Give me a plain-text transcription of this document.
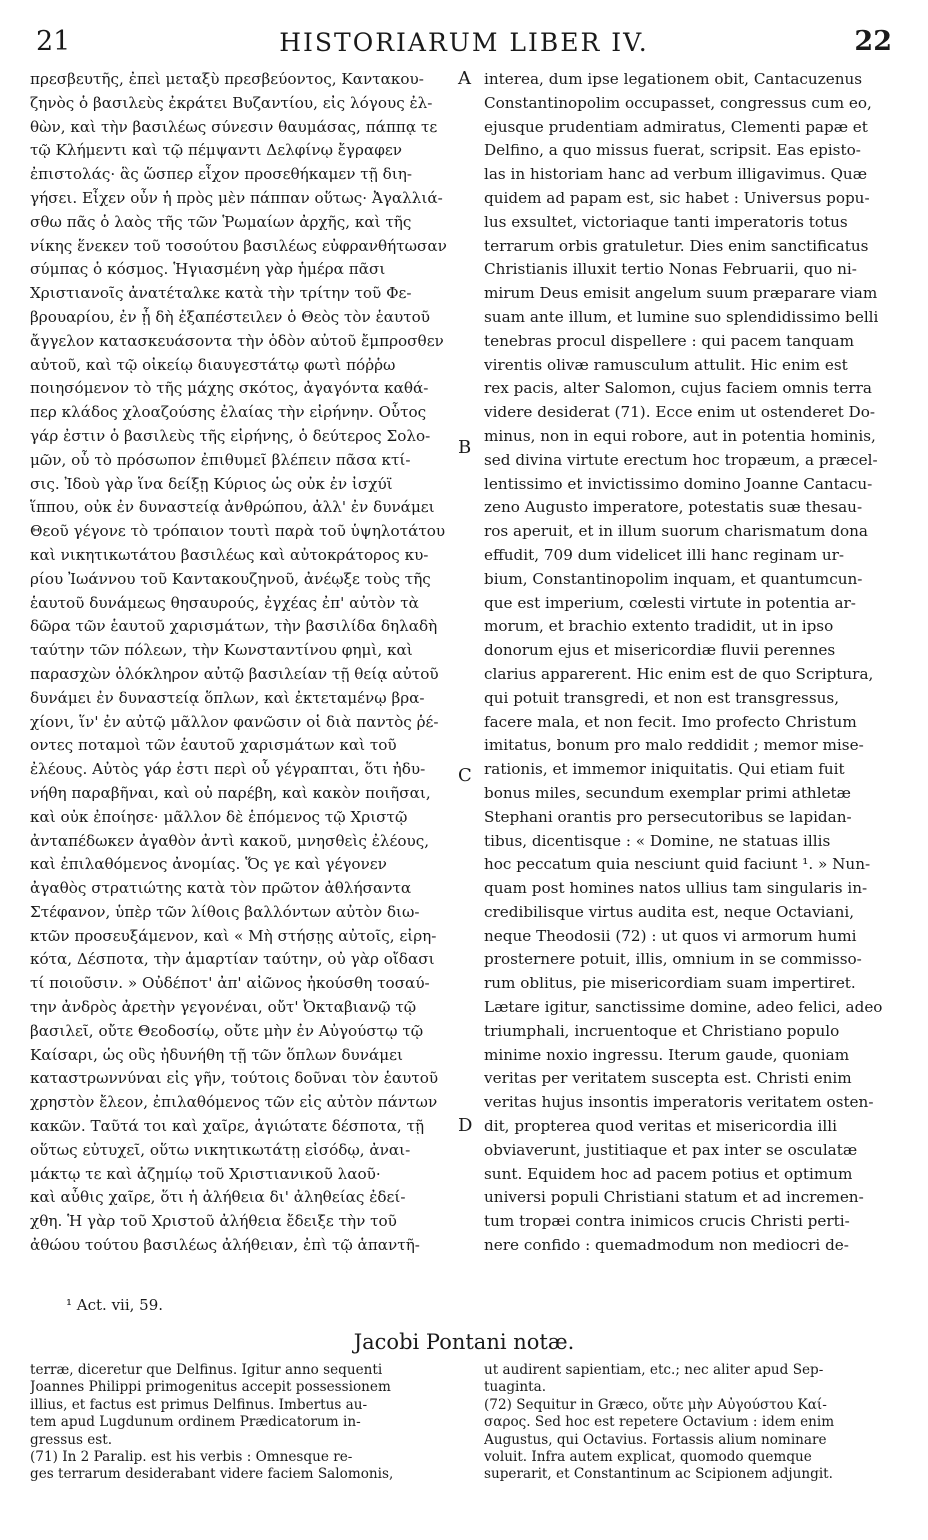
21	HISTORIARUM LIBER IV.	22
πρεσβευτῆς, ἐπεὶ μεταξὺ πρεσβεύοντος, Καντακου-
ζηνὸς ὁ βασιλεὺς ἐκράτει Βυζαντίου, εἰς λόγους ἐλ-
θὼν, καὶ τὴν βασιλέως σύνεσιν θαυμάσας, πάππᾳ τε
τῷ Κλήμεντι καὶ τῷ πέμψαντι Δελφίνῳ ἔγραφεν
ἐπιστολάς· ἃς ὥσπερ εἶχον προσεθήκαμεν τῇ διη-
γήσει. Εἶχεν οὖν ἡ πρὸς μὲν πάππαν οὕτως· Ἀγαλλιά-
σθω πᾶς ὁ λαὸς τῆς τῶν Ῥωμαίων ἀρχῆς, καὶ τῆς
νίκης ἕνεκεν τοῦ τοσούτου βασιλέως εὐφρανθήτωσαν
σύμπας ὁ κόσμος. Ἡγιασμένη γὰρ ἡμέρα πᾶσι
Χριστιανοῖς ἀνατέταλκε κατὰ τὴν τρίτην τοῦ Φε-
βρουαρίου, ἐν ᾗ δὴ ἐξαπέστειλεν ὁ Θεὸς τὸν ἑαυτοῦ
ἄγγελον κατασκευάσοντα τὴν ὁδὸν αὐτοῦ ἔμπροσθεν
αὐτοῦ, καὶ τῷ οἰκείῳ διαυγεστάτῳ φωτὶ πόῤῥω
ποιησόμενον τὸ τῆς μάχης σκότος, ἀγαγόντα καθά-
περ κλάδος χλοαζούσης ἐλαίας τὴν εἰρήνην. Οὗτος
γάρ ἐστιν ὁ βασιλεὺς τῆς εἰρήνης, ὁ δεύτερος Σολο-
μῶν, οὗ τὸ πρόσωπον ἐπιθυμεῖ βλέπειν πᾶσα κτί-
σις. Ἰδοὺ γὰρ ἵνα δείξῃ Κύριος ὡς οὐκ ἐν ἰσχύϊ
ἵππου, οὐκ ἐν δυναστείᾳ ἀνθρώπου, ἀλλ' ἐν δυνάμει
Θεοῦ γέγονε τὸ τρόπαιον τουτὶ παρὰ τοῦ ὑψηλοτάτου
καὶ νικητικωτάτου βασιλέως καὶ αὐτοκράτορος κυ-
ρίου Ἰωάννου τοῦ Καντακουζηνοῦ, ἀνέῳξε τοὺς τῆς
ἑαυτοῦ δυνάμεως θησαυρούς, ἐγχέας ἐπ' αὐτὸν τὰ
δῶρα τῶν ἑαυτοῦ χαρισμάτων, τὴν βασιλίδα δηλαδὴ
ταύτην τῶν πόλεων, τὴν Κωνσταντίνου φημὶ, καὶ
παρασχὼν ὁλόκληρον αὐτῷ βασιλείαν τῇ θείᾳ αὐτοῦ
δυνάμει ἐν δυναστείᾳ ὅπλων, καὶ ἐκτεταμένῳ βρα-
χίονι, ἵν' ἐν αὐτῷ μᾶλλον φανῶσιν οἱ διὰ παντὸς ῥέ-
οντες ποταμοὶ τῶν ἑαυτοῦ χαρισμάτων καὶ τοῦ
ἐλέους. Αὐτὸς γάρ ἐστι περὶ οὗ γέγραπται, ὅτι ἠδυ-
νήθη παραβῆναι, καὶ οὐ παρέβη, καὶ κακὸν ποιῆσαι,
καὶ οὐκ ἐποίησε· μᾶλλον δὲ ἑπόμενος τῷ Χριστῷ
ἀνταπέδωκεν ἀγαθὸν ἀντὶ κακοῦ, μνησθεὶς ἐλέους,
καὶ ἐπιλαθόμενος ἀνομίας. Ὅς γε καὶ γέγονεν
ἀγαθὸς στρατιώτης κατὰ τὸν πρῶτον ἀθλήσαντα
Στέφανον, ὑπὲρ τῶν λίθοις βαλλόντων αὐτὸν διω-
κτῶν προσευξάμενον, καὶ « Μὴ στήσῃς αὐτοῖς, εἰρη-
κότα, Δέσποτα, τὴν ἁμαρτίαν ταύτην, οὐ γὰρ οἴδασι
τί ποιοῦσιν. » Οὐδέποτ' ἀπ' αἰῶνος ἠκούσθη τοσαύ-
την ἀνδρὸς ἀρετὴν γεγονέναι, οὔτ' Ὀκταβιανῷ τῷ
βασιλεῖ, οὔτε Θεοδοσίῳ, οὔτε μὴν ἐν Αὐγούστῳ τῷ
Καίσαρι, ὡς οὓς ἠδυνήθη τῇ τῶν ὅπλων δυνάμει
καταστρωννύναι εἰς γῆν, τούτοις δοῦναι τὸν ἑαυτοῦ
χρηστὸν ἔλεον, ἐπιλαθόμενος τῶν εἰς αὐτὸν πάντων
κακῶν. Ταῦτά τοι καὶ χαῖρε, ἁγιώτατε δέσποτα, τῇ
οὕτως εὐτυχεῖ, οὕτω νικητικωτάτῃ εἰσόδῳ, ἀναι-
μάκτῳ τε καὶ ἀζημίῳ τοῦ Χριστιανικοῦ λαοῦ·
καὶ αὖθις χαῖρε, ὅτι ἡ ἀλήθεια δι' ἀληθείας ἐδεί-
χθη. Ἡ γὰρ τοῦ Χριστοῦ ἀλήθεια ἔδειξε τὴν τοῦ
ἀθώου τούτου βασιλέως ἀλήθειαν, ἐπὶ τῷ ἁπαντῆ-
A
B
C
D
interea, dum ipse legationem obit, Cantacuzenus
Constantinopolim occupasset, congressus cum eo,
ejusque prudentiam admiratus, Clementi papæ et
Delfino, a quo missus fuerat, scripsit. Eas episto-
las in historiam hanc ad verbum illigavimus. Quæ
quidem ad papam est, sic habet : Universus popu-
lus exsultet, victoriaque tanti imperatoris totus
terrarum orbis gratuletur. Dies enim sanctificatus
Christianis illuxit tertio Nonas Februarii, quo ni-
mirum Deus emisit angelum suum præparare viam
suam ante illum, et lumine suo splendidissimo belli
tenebras procul dispellere : qui pacem tanquam
virentis olivæ ramusculum attulit. Hic enim est
rex pacis, alter Salomon, cujus faciem omnis terra
videre desiderat (71). Ecce enim ut ostenderet Do-
minus, non in equi robore, aut in potentia hominis,
sed divina virtute erectum hoc tropæum, a præcel-
lentissimo et invictissimo domino Joanne Cantacu-
zeno Augusto imperatore, potestatis suæ thesau-
ros aperuit, et in illum suorum charismatum dona
effudit, 709 dum videlicet illi hanc reginam ur-
bium, Constantinopolim inquam, et quantumcun-
que est imperium, cœlesti virtute in potentia ar-
morum, et brachio extento tradidit, ut in ipso
donorum ejus et misericordiæ fluvii perennes
clarius apparerent. Hic enim est de quo Scriptura,
qui potuit transgredi, et non est transgressus,
facere mala, et non fecit. Imo profecto Christum
imitatus, bonum pro malo reddidit ; memor mise-
rationis, et immemor iniquitatis. Qui etiam fuit
bonus miles, secundum exemplar primi athletæ
Stephani orantis pro persecutoribus se lapidan-
tibus, dicentisque : « Domine, ne statuas illis
hoc peccatum quia nesciunt quid faciunt ¹. » Nun-
quam post homines natos ullius tam singularis in-
credibilisque virtus audita est, neque Octaviani,
neque Theodosii (72) : ut quos vi armorum humi
prosternere potuit, illis, omnium in se commisso-
rum oblitus, pie misericordiam suam impertiret.
Lætare igitur, sanctissime domine, adeo felici, adeo
triumphali, incruentoque et Christiano populo
minime noxio ingressu. Iterum gaude, quoniam
veritas per veritatem suscepta est. Christi enim
veritas hujus insontis imperatoris veritatem osten-
dit, propterea quod veritas et misericordia illi
obviaverunt, justitiaque et pax inter se osculatæ
sunt. Equidem hoc ad pacem potius et optimum
universi populi Christiani statum et ad incremen-
tum tropæi contra inimicos crucis Christi perti-
nere confido : quemadmodum non mediocri de-
¹ Act. vii, 59.
Jacobi Pontani notæ.
terræ, diceretur que Delfinus. Igitur anno sequenti
Joannes Philippi primogenitus accepit possessionem
illius, et factus est primus Delfinus. Imbertus au-
tem apud Lugdunum ordinem Prædicatorum in-
gressus est.
(71) In 2 Paralip. est his verbis : Omnesque re-
ges terrarum desiderabant videre faciem Salomonis,
ut audirent sapientiam, etc.; nec aliter apud Sep-
tuaginta.
(72) Sequitur in Græco, οὔτε μὴν Αὐγούστου Καί-
σαρος. Sed hoc est repetere Octavium : idem enim
Augustus, qui Octavius. Fortassis alium nominare
voluit. Infra autem explicat, quomodo quemque
superarit, et Constantinum ac Scipionem adjungit.
